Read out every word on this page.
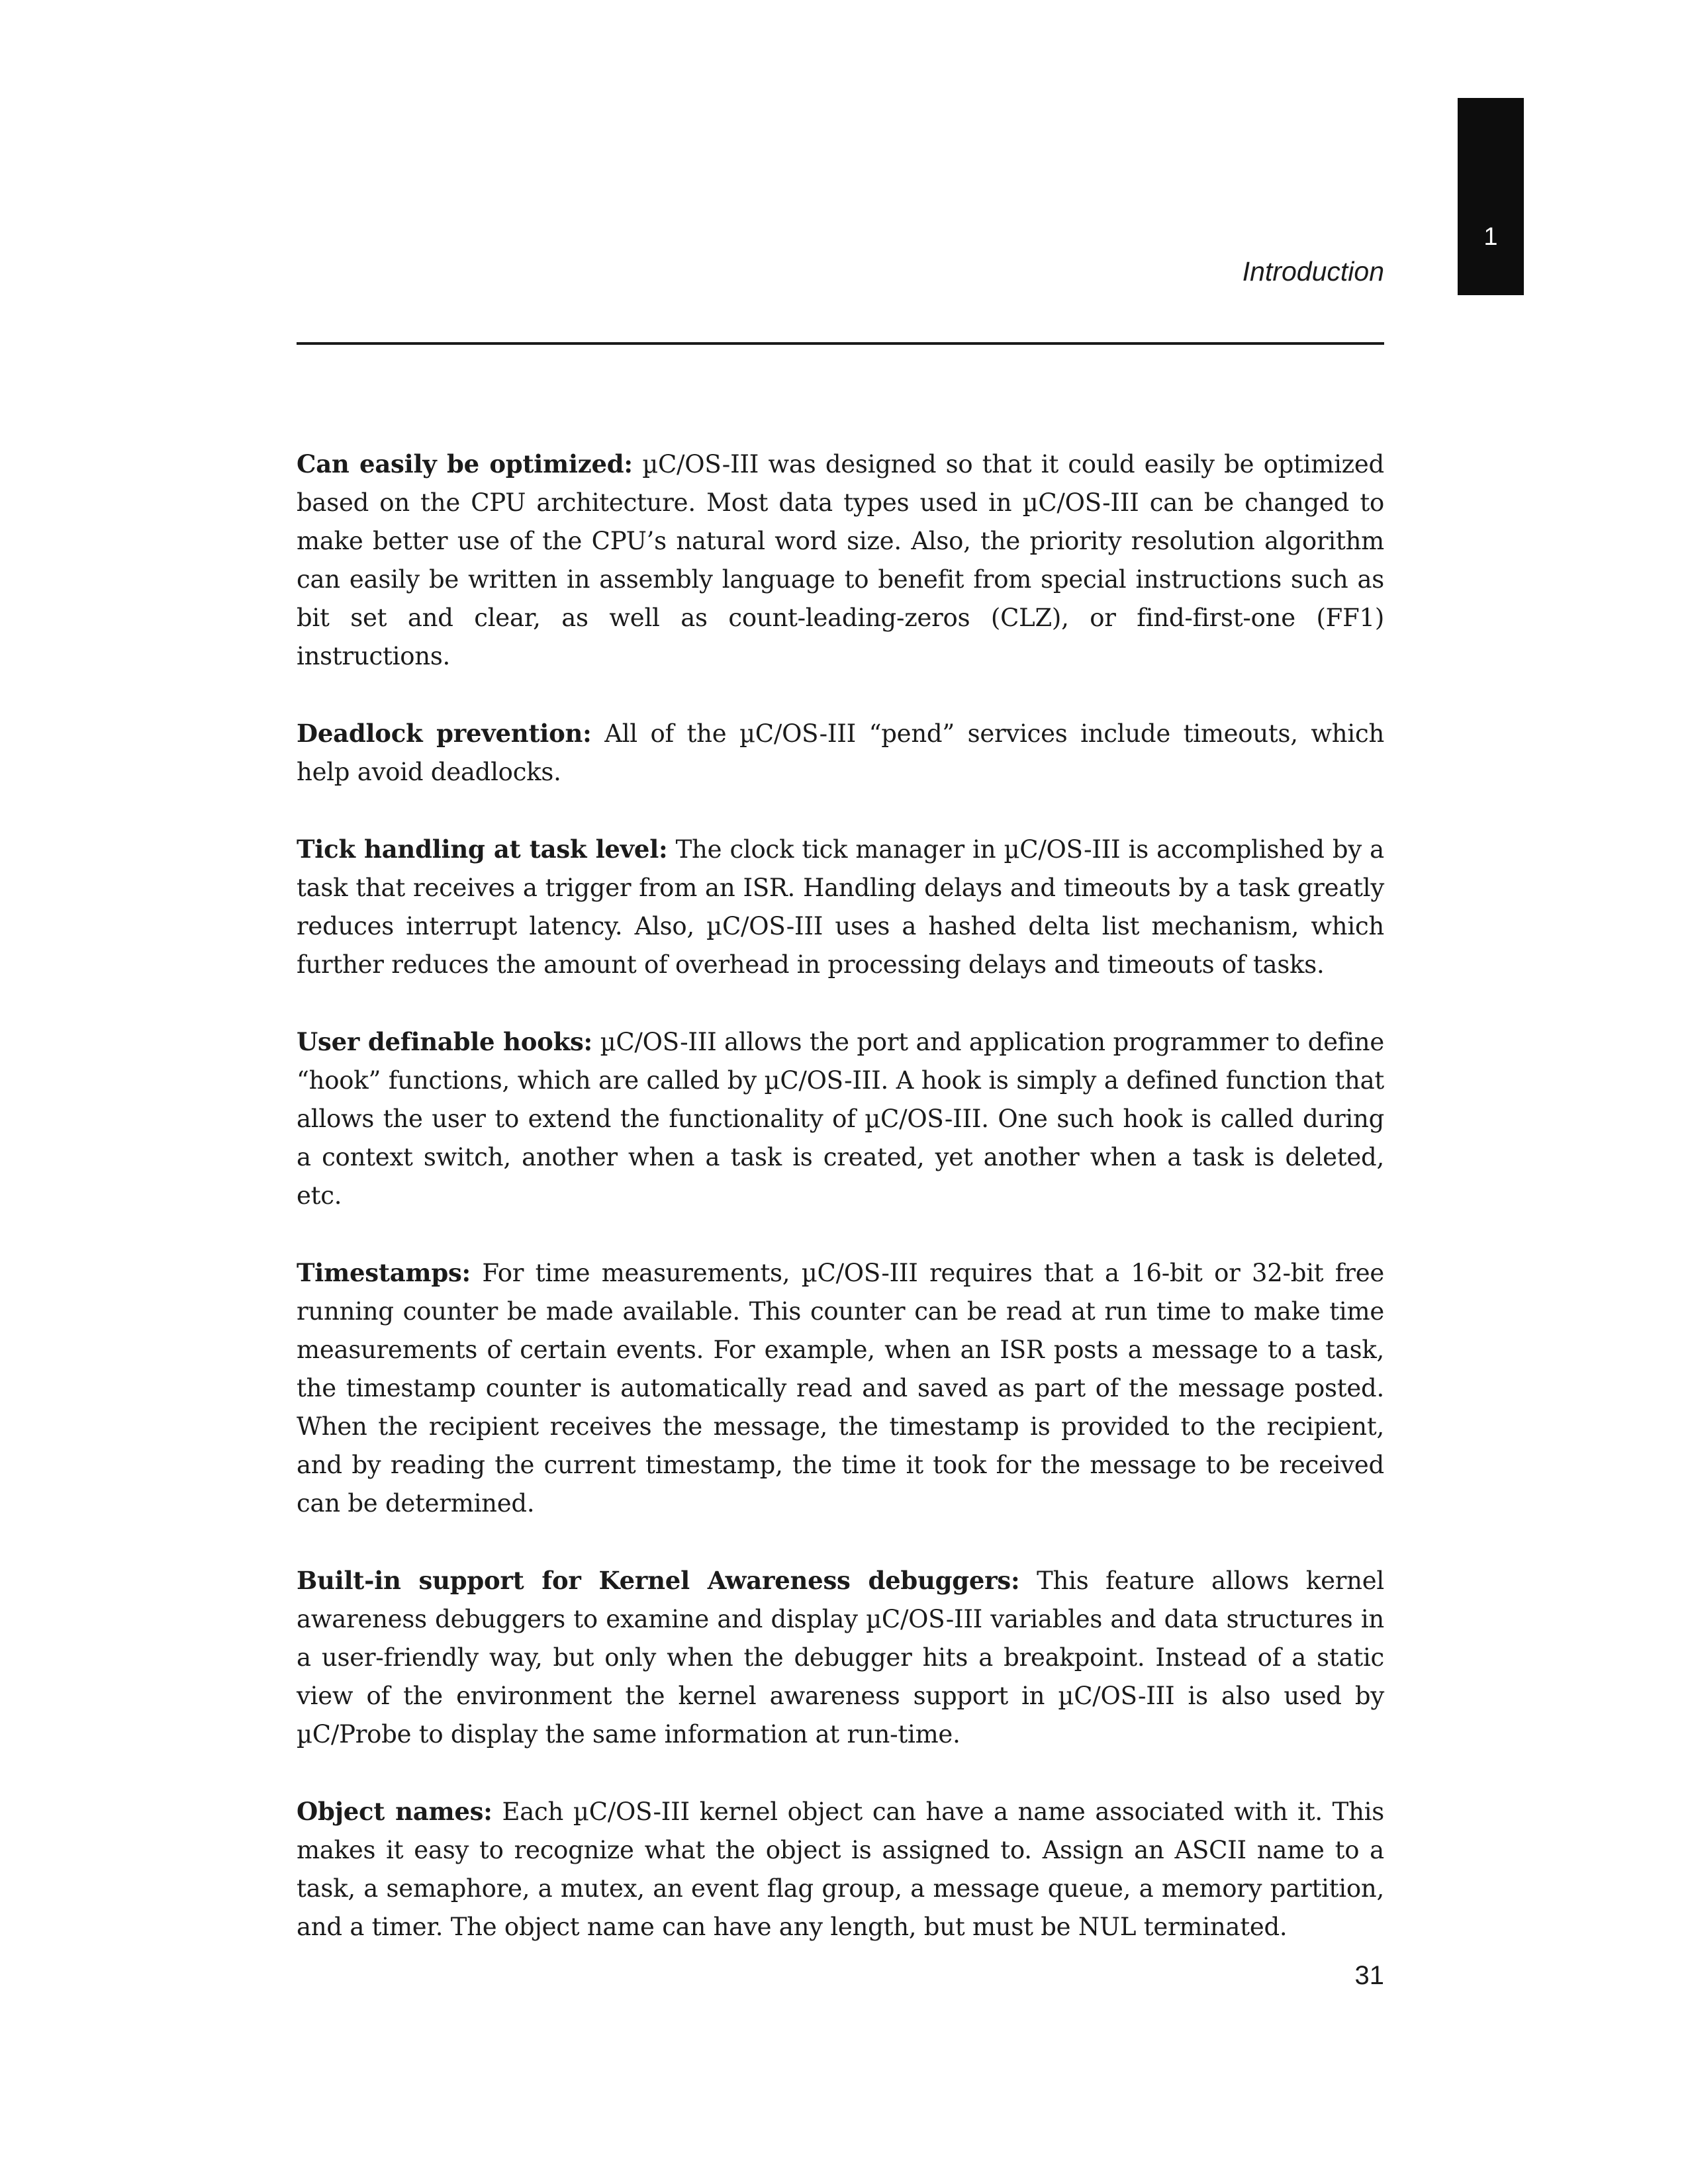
1
Introduction

Can easily be optimized: µC/OS-III was designed so that it could easily be optimized based on the CPU architecture. Most data types used in µC/OS-III can be changed to make better use of the CPU’s natural word size. Also, the priority resolution algorithm can easily be written in assembly language to benefit from special instructions such as bit set and clear, as well as count-leading-zeros (CLZ), or find-first-one (FF1) instructions.

Deadlock prevention: All of the µC/OS-III “pend” services include timeouts, which help avoid deadlocks.

Tick handling at task level: The clock tick manager in µC/OS-III is accomplished by a task that receives a trigger from an ISR. Handling delays and timeouts by a task greatly reduces interrupt latency. Also, µC/OS-III uses a hashed delta list mechanism, which further reduces the amount of overhead in processing delays and timeouts of tasks.

User definable hooks: µC/OS-III allows the port and application programmer to define “hook” functions, which are called by µC/OS-III. A hook is simply a defined function that allows the user to extend the functionality of µC/OS-III. One such hook is called during a context switch, another when a task is created, yet another when a task is deleted, etc.

Timestamps: For time measurements, µC/OS-III requires that a 16-bit or 32-bit free running counter be made available. This counter can be read at run time to make time measurements of certain events. For example, when an ISR posts a message to a task, the timestamp counter is automatically read and saved as part of the message posted. When the recipient receives the message, the timestamp is provided to the recipient, and by reading the current timestamp, the time it took for the message to be received can be determined.

Built-in support for Kernel Awareness debuggers: This feature allows kernel awareness debuggers to examine and display µC/OS-III variables and data structures in a user-friendly way, but only when the debugger hits a breakpoint. Instead of a static view of the environment the kernel awareness support in µC/OS-III is also used by µC/Probe to display the same information at run-time.

Object names: Each µC/OS-III kernel object can have a name associated with it. This makes it easy to recognize what the object is assigned to. Assign an ASCII name to a task, a semaphore, a mutex, an event flag group, a message queue, a memory partition, and a timer. The object name can have any length, but must be NUL terminated.

31
